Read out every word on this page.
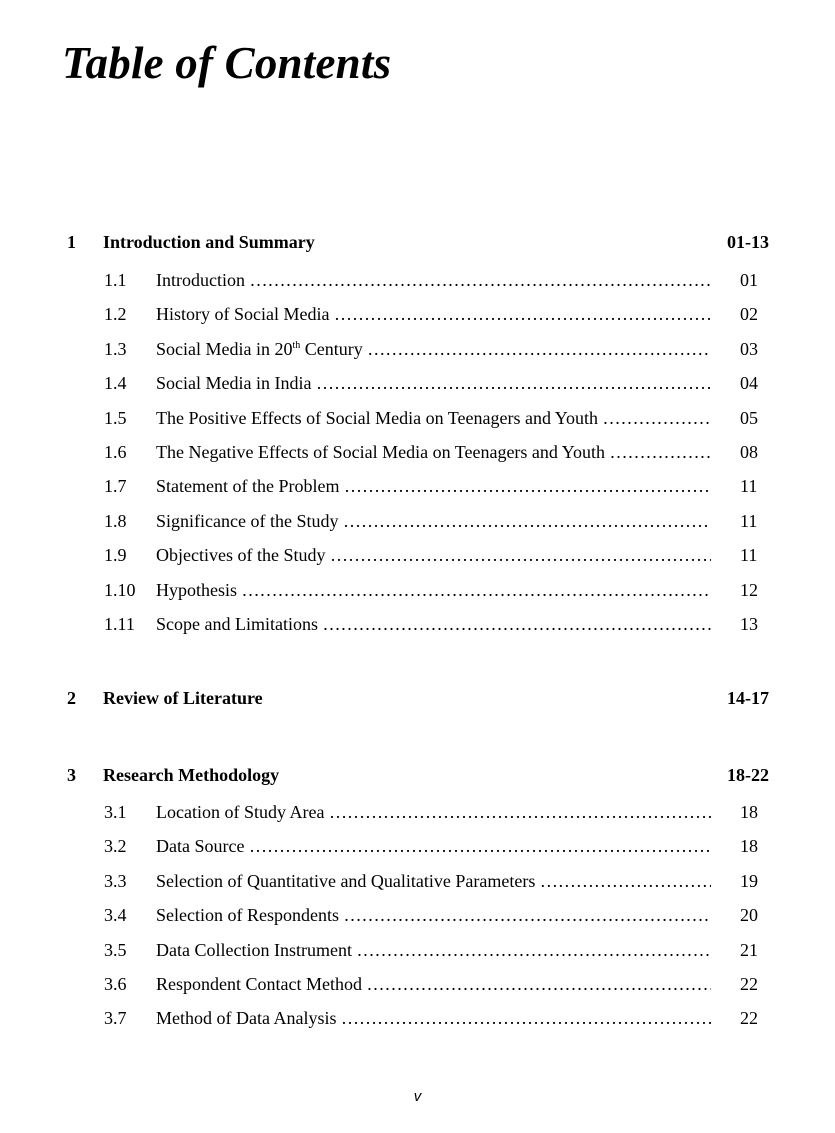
Table of Contents
1 Introduction and Summary	01-13
1.1 Introduction ………………………………………………………………………………………………………………………………………………………………	01
1.2 History of Social Media ………………………………………………………………………………………………………………………………………………………………	02
1.3 Social Media in 20th Century ………………………………………………………………………………………………………………………………………………………………	03
1.4 Social Media in India ………………………………………………………………………………………………………………………………………………………………	04
1.5 The Positive Effects of Social Media on Teenagers and Youth ………………………………………………………………………………………………………………………………………………………………	05
1.6 The Negative Effects of Social Media on Teenagers and Youth ………………………………………………………………………………………………………………………………………………………………	08
1.7 Statement of the Problem ………………………………………………………………………………………………………………………………………………………………	11
1.8 Significance of the Study ………………………………………………………………………………………………………………………………………………………………	11
1.9 Objectives of the Study ………………………………………………………………………………………………………………………………………………………………	11
1.10 Hypothesis ………………………………………………………………………………………………………………………………………………………………	12
1.11 Scope and Limitations ………………………………………………………………………………………………………………………………………………………………	13
2 Review of Literature	14-17
3 Research Methodology	18-22
3.1 Location of Study Area ………………………………………………………………………………………………………………………………………………………………	18
3.2 Data Source ………………………………………………………………………………………………………………………………………………………………	18
3.3 Selection of Quantitative and Qualitative Parameters ………………………………………………………………………………………………………………………………………………………………	19
3.4 Selection of Respondents ………………………………………………………………………………………………………………………………………………………………	20
3.5 Data Collection Instrument ………………………………………………………………………………………………………………………………………………………………	21
3.6 Respondent Contact Method ………………………………………………………………………………………………………………………………………………………………	22
3.7 Method of Data Analysis ………………………………………………………………………………………………………………………………………………………………	22
v
